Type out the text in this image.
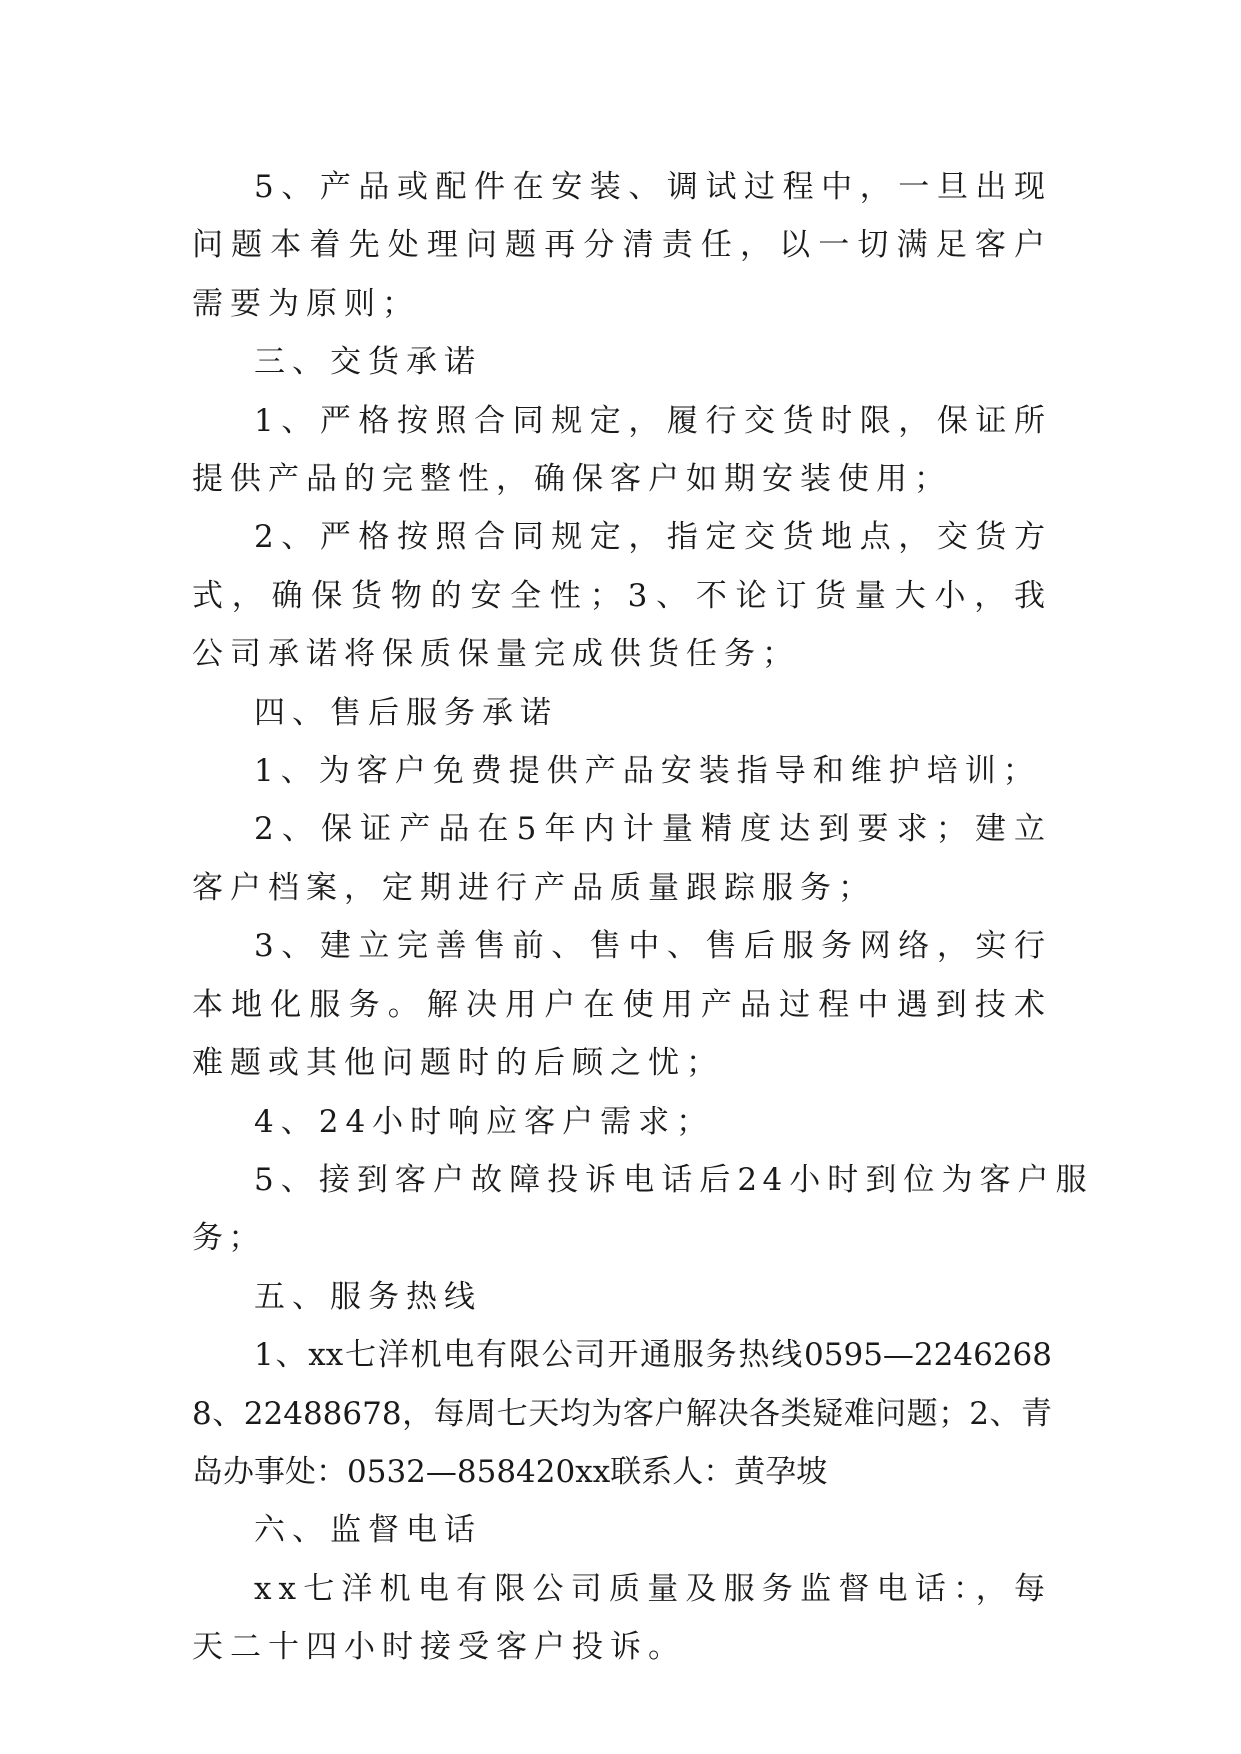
5、产品或配件在安装、调试过程中，一旦出现问题本着先处理问题再分清责任，以一切满足客户需要为原则；

三、交货承诺

1、严格按照合同规定，履行交货时限，保证所提供产品的完整性，确保客户如期安装使用；

2、严格按照合同规定，指定交货地点，交货方式，确保货物的安全性；3、不论订货量大小，我公司承诺将保质保量完成供货任务；

四、售后服务承诺

1、为客户免费提供产品安装指导和维护培训；

2、保证产品在5年内计量精度达到要求；建立客户档案，定期进行产品质量跟踪服务；

3、建立完善售前、售中、售后服务网络，实行本地化服务。解决用户在使用产品过程中遇到技术难题或其他问题时的后顾之忧；

4、24小时响应客户需求；

5、接到客户故障投诉电话后24小时到位为客户服务；

五、服务热线

1、xx七洋机电有限公司开通服务热线0595—22462688、22488678，每周七天均为客户解决各类疑难问题；2、青岛办事处：0532—858420xx联系人：黄孕坡

六、监督电话

xx七洋机电有限公司质量及服务监督电话：，每天二十四小时接受客户投诉。
